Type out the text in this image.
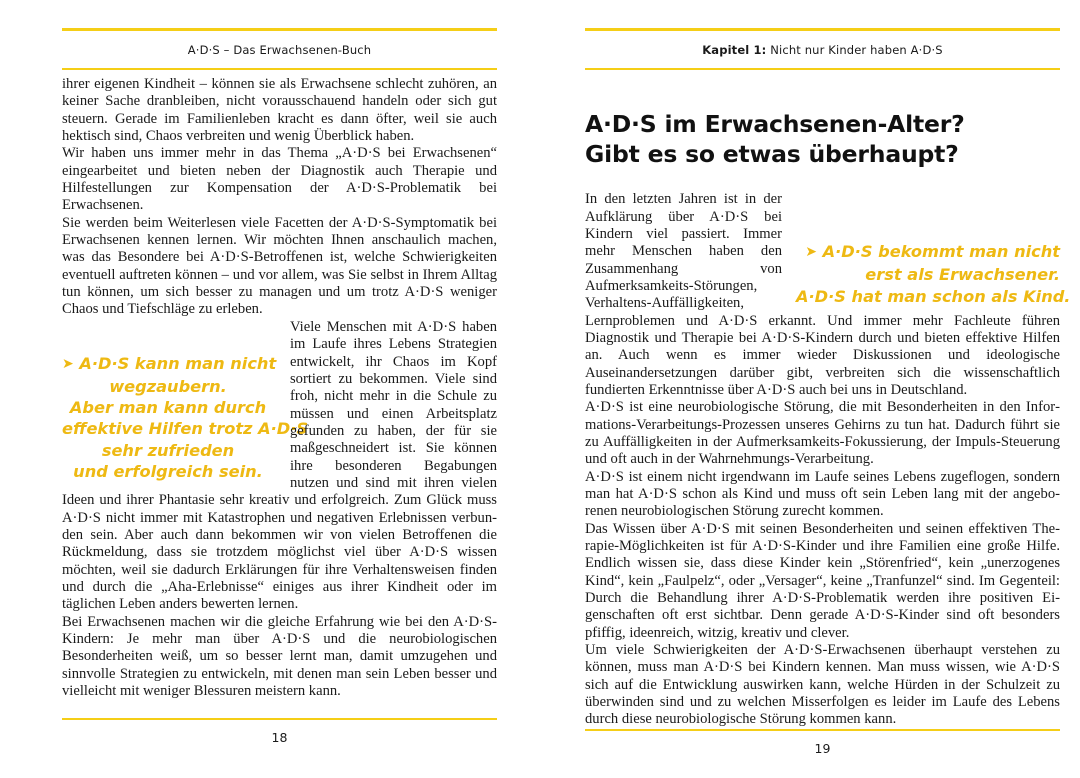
A·D·S – Das Erwachsenen-Buch

ihrer eigenen Kindheit – können sie als Erwachsene schlecht zuhören, an keiner Sache dranbleiben, nicht vorausschauend handeln oder sich gut steuern. Gerade im Familienleben kracht es dann öfter, weil sie auch hektisch sind, Chaos verbreiten und wenig Überblick haben.

Wir haben uns immer mehr in das Thema „A·D·S bei Erwachsenen“ eingearbeitet und bieten neben der Diagnostik auch Therapie und Hilfestellungen zur Kompensation der A·D·S-Problematik bei Erwachsenen.

Sie werden beim Weiterlesen viele Facetten der A·D·S-Symptomatik bei Erwachsenen kennen lernen. Wir möchten Ihnen anschaulich machen, was das Besondere bei A·D·S-Betroffenen ist, welche Schwierigkeiten eventuell auftreten können – und vor allem, was Sie selbst in Ihrem Alltag tun können, um sich besser zu managen und um trotz A·D·S weniger Chaos und Tiefschläge zu erleben.

➤ A·D·S kann man nicht
wegzaubern.
Aber man kann durch
effektive Hilfen trotz A·D·S
sehr zufrieden
und erfolgreich sein.

Viele Menschen mit A·D·S haben im Laufe ihres Lebens Strategien entwickelt, ihr Chaos im Kopf sortiert zu bekommen. Viele sind froh, nicht mehr in die Schule zu müssen und einen Arbeitsplatz gefunden zu haben, der für sie maßgeschneidert ist. Sie können ihre besonderen Begabungen nutzen und sind mit ihren vielen Ideen und ihrer Phantasie sehr kreativ und erfolgreich. Zum Glück muss A·D·S nicht immer mit Katastrophen und negativen Erlebnissen verbunden sein. Aber auch dann bekommen wir von vielen Betroffenen die Rückmeldung, dass sie trotzdem möglichst viel über A·D·S wissen möchten, weil sie dadurch Erklärungen für ihre Verhaltensweisen finden und durch die „Aha-Erlebnisse“ einiges aus ihrer Kindheit oder im täglichen Leben anders bewerten lernen.

Bei Erwachsenen machen wir die gleiche Erfahrung wie bei den A·D·S-Kindern: Je mehr man über A·D·S und die neurobiologischen Besonderheiten weiß, um so besser lernt man, damit umzugehen und sinnvolle Strategien zu entwickeln, mit denen man sein Leben besser und vielleicht mit weniger Blessuren meistern kann.

18
Kapitel 1: Nicht nur Kinder haben A·D·S
A·D·S im Erwachsenen-Alter?
Gibt es so etwas überhaupt?
➤ A·D·S bekommt man nicht
erst als Erwachsener.
A·D·S hat man schon als Kind.

In den letzten Jahren ist in der Aufklärung über A·D·S bei Kindern viel passiert. Immer mehr Menschen haben den Zusammenhang von Aufmerksamkeits-Störungen, Verhaltens-Auffälligkeiten, Lernproblemen und A·D·S erkannt. Und immer mehr Fachleute führen Diagnostik und Therapie bei A·D·S-Kindern durch und bieten effektive Hilfen an. Auch wenn es immer wieder Diskussionen und ideologische Auseinandersetzungen darüber gibt, verbreiten sich die wissenschaftlich fundierten Erkenntnisse über A·D·S auch bei uns in Deutschland.

A·D·S ist eine neurobiologische Störung, die mit Besonderheiten in den Informations-Verarbeitungs-Prozessen unseres Gehirns zu tun hat. Dadurch führt sie zu Auffälligkeiten in der Aufmerksamkeits-Fokussierung, der Impuls-Steuerung und oft auch in der Wahrnehmungs-Verarbeitung.

A·D·S ist einem nicht irgendwann im Laufe seines Lebens zugeflogen, sondern man hat A·D·S schon als Kind und muss oft sein Leben lang mit der angeborenen neurobiologischen Störung zurecht kommen.

Das Wissen über A·D·S mit seinen Besonderheiten und seinen effektiven Therapie-Möglichkeiten ist für A·D·S-Kinder und ihre Familien eine große Hilfe. Endlich wissen sie, dass diese Kinder kein „Störenfried“, kein „unerzogenes Kind“, kein „Faulpelz“, oder „Versager“, keine „Tranfunzel“ sind. Im Gegenteil: Durch die Behandlung ihrer A·D·S-Problematik werden ihre positiven Eigenschaften oft erst sichtbar. Denn gerade A·D·S-Kinder sind oft besonders pfiffig, ideenreich, witzig, kreativ und clever.

Um viele Schwierigkeiten der A·D·S-Erwachsenen überhaupt verstehen zu können, muss man A·D·S bei Kindern kennen. Man muss wissen, wie A·D·S sich auf die Entwicklung auswirken kann, welche Hürden in der Schulzeit zu überwinden sind und zu welchen Misserfolgen es leider im Laufe des Lebens durch diese neurobiologische Störung kommen kann.

19
